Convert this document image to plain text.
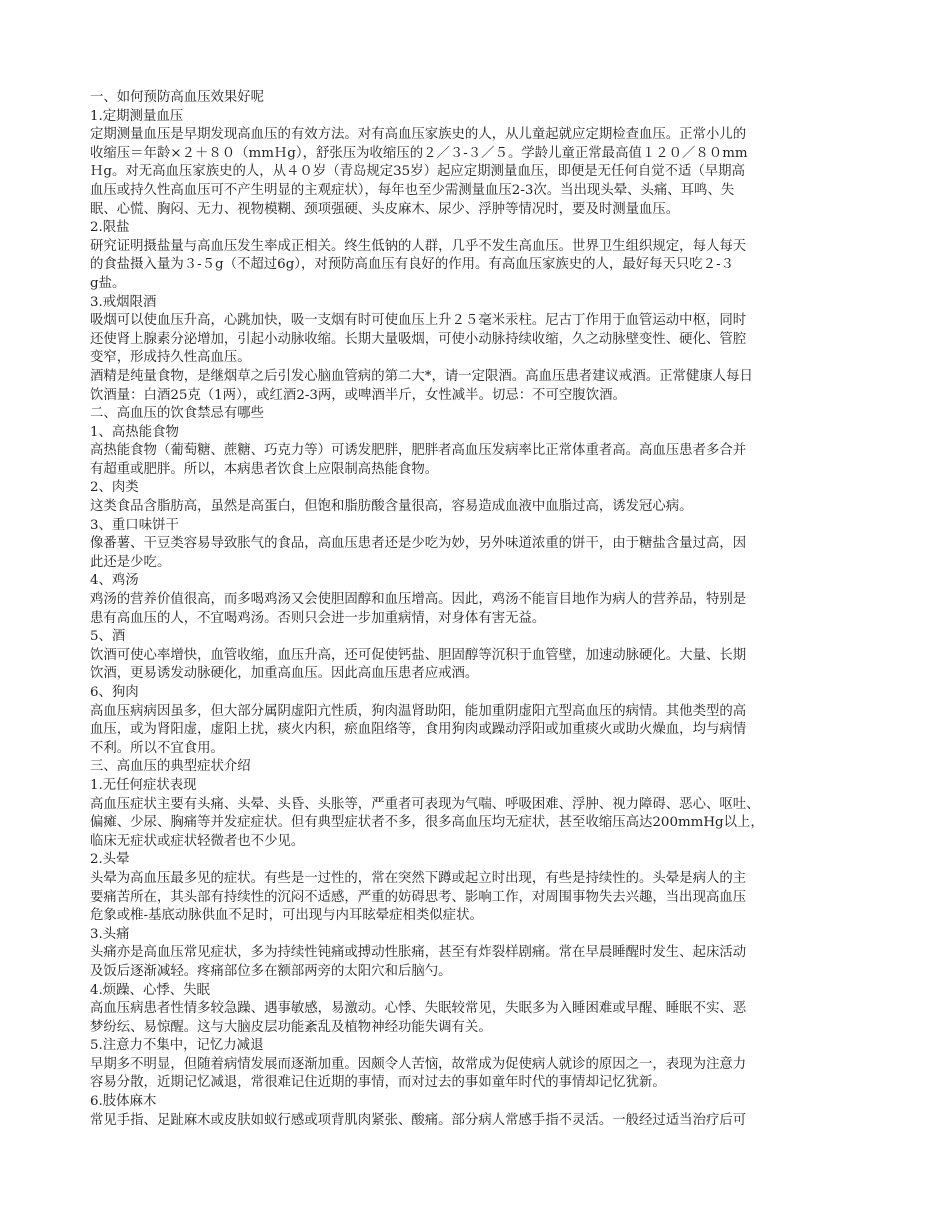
一、如何预防高血压效果好呢
1.定期测量血压
定期测量血压是早期发现高血压的有效方法。对有高血压家族史的人，从儿童起就应定期检查血压。正常小儿的
收缩压＝年龄×２＋８０（mmＨg），舒张压为收缩压的２／３-３／５。学龄儿童正常最高值１２０／８０mm
Ｈg。对无高血压家族史的人，从４０岁（青岛规定35岁）起应定期测量血压，即便是无任何自觉不适（早期高
血压或持久性高血压可不产生明显的主观症状），每年也至少需测量血压2-3次。当出现头晕、头痛、耳鸣、失
眠、心慌、胸闷、无力、视物模糊、颈项强硬、头皮麻木、尿少、浮肿等情况时，要及时测量血压。
2.限盐
研究证明摄盐量与高血压发生率成正相关。终生低钠的人群，几乎不发生高血压。世界卫生组织规定，每人每天
的食盐摄入量为３-５g（不超过6g），对预防高血压有良好的作用。有高血压家族史的人，最好每天只吃２-３
g盐。
3.戒烟限酒
吸烟可以使血压升高，心跳加快，吸一支烟有时可使血压上升２５毫米汞柱。尼古丁作用于血管运动中枢，同时
还使肾上腺素分泌增加，引起小动脉收缩。长期大量吸烟，可使小动脉持续收缩，久之动脉壁变性、硬化、管腔
变窄，形成持久性高血压。
酒精是纯量食物，是继烟草之后引发心脑血管病的第二大*，请一定限酒。高血压患者建议戒酒。正常健康人每日
饮酒量：白酒25克（1两），或红酒2-3两，或啤酒半斤，女性减半。切忌：不可空腹饮酒。
二、高血压的饮食禁忌有哪些
1、高热能食物
高热能食物（葡萄糖、蔗糖、巧克力等）可诱发肥胖，肥胖者高血压发病率比正常体重者高。高血压患者多合并
有超重或肥胖。所以，本病患者饮食上应限制高热能食物。
2、肉类
这类食品含脂肪高，虽然是高蛋白，但饱和脂肪酸含量很高，容易造成血液中血脂过高，诱发冠心病。
3、重口味饼干
像番薯、干豆类容易导致胀气的食品，高血压患者还是少吃为妙，另外味道浓重的饼干，由于糖盐含量过高，因
此还是少吃。
4、鸡汤
鸡汤的营养价值很高，而多喝鸡汤又会使胆固醇和血压增高。因此，鸡汤不能盲目地作为病人的营养品，特别是
患有高血压的人，不宜喝鸡汤。否则只会进一步加重病情，对身体有害无益。
5、酒
饮酒可使心率增快，血管收缩，血压升高，还可促使钙盐、胆固醇等沉积于血管壁，加速动脉硬化。大量、长期
饮酒，更易诱发动脉硬化，加重高血压。因此高血压患者应戒酒。
6、狗肉
高血压病病因虽多，但大部分属阴虚阳亢性质，狗肉温肾助阳，能加重阴虚阳亢型高血压的病情。其他类型的高
血压，或为肾阳虚，虚阳上扰，痰火内积，瘀血阻络等，食用狗肉或躁动浮阳或加重痰火或助火燥血，均与病情
不利。所以不宜食用。
三、高血压的典型症状介绍
1.无任何症状表现
高血压症状主要有头痛、头晕、头昏、头胀等，严重者可表现为气喘、呼吸困难、浮肿、视力障碍、恶心、呕吐、
偏瘫、少尿、胸痛等并发症症状。但有典型症状者不多，很多高血压均无症状，甚至收缩压高达200mmHg以上，
临床无症状或症状轻微者也不少见。
2.头晕
头晕为高血压最多见的症状。有些是一过性的，常在突然下蹲或起立时出现，有些是持续性的。头晕是病人的主
要痛苦所在，其头部有持续性的沉闷不适感，严重的妨碍思考、影响工作，对周围事物失去兴趣，当出现高血压
危象或椎-基底动脉供血不足时，可出现与内耳眩晕症相类似症状。
3.头痛
头痛亦是高血压常见症状，多为持续性钝痛或搏动性胀痛，甚至有炸裂样剧痛。常在早晨睡醒时发生、起床活动
及饭后逐渐减轻。疼痛部位多在额部两旁的太阳穴和后脑勺。
4.烦躁、心悸、失眠
高血压病患者性情多较急躁、遇事敏感，易激动。心悸、失眠较常见，失眠多为入睡困难或早醒、睡眠不实、恶
梦纷纭、易惊醒。这与大脑皮层功能紊乱及植物神经功能失调有关。
5.注意力不集中，记忆力减退
早期多不明显，但随着病情发展而逐渐加重。因颇令人苦恼，故常成为促使病人就诊的原因之一，表现为注意力
容易分散，近期记忆减退，常很难记住近期的事情，而对过去的事如童年时代的事情却记忆犹新。
6.肢体麻木
常见手指、足趾麻木或皮肤如蚁行感或项背肌肉紧张、酸痛。部分病人常感手指不灵活。一般经过适当治疗后可
